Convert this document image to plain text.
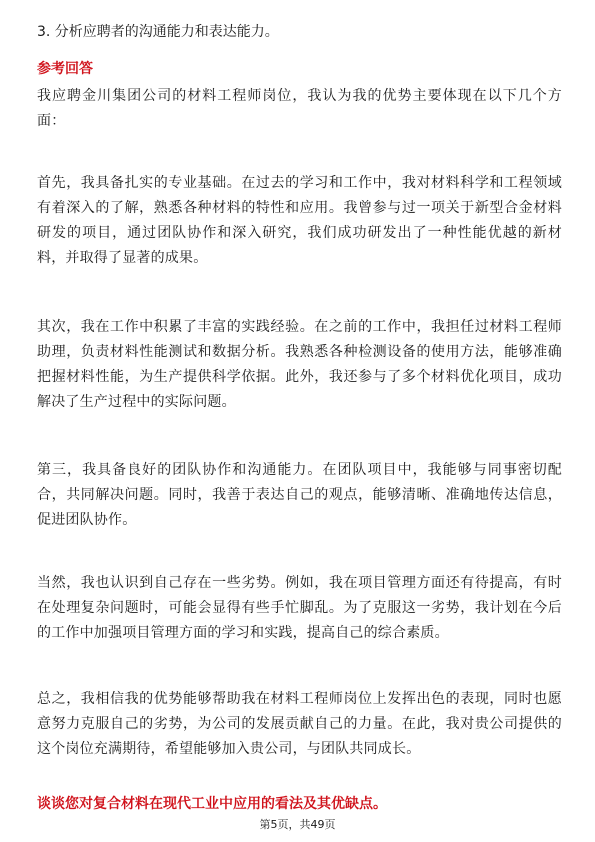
3. 分析应聘者的沟通能力和表达能力。

参考回答

我应聘金川集团公司的材料工程师岗位，我认为我的优势主要体现在以下几个方面：

首先，我具备扎实的专业基础。在过去的学习和工作中，我对材料科学和工程领域有着深入的了解，熟悉各种材料的特性和应用。我曾参与过一项关于新型合金材料研发的项目，通过团队协作和深入研究，我们成功研发出了一种性能优越的新材料，并取得了显著的成果。

其次，我在工作中积累了丰富的实践经验。在之前的工作中，我担任过材料工程师助理，负责材料性能测试和数据分析。我熟悉各种检测设备的使用方法，能够准确把握材料性能，为生产提供科学依据。此外，我还参与了多个材料优化项目，成功解决了生产过程中的实际问题。

第三，我具备良好的团队协作和沟通能力。在团队项目中，我能够与同事密切配合，共同解决问题。同时，我善于表达自己的观点，能够清晰、准确地传达信息，促进团队协作。

当然，我也认识到自己存在一些劣势。例如，我在项目管理方面还有待提高，有时在处理复杂问题时，可能会显得有些手忙脚乱。为了克服这一劣势，我计划在今后的工作中加强项目管理方面的学习和实践，提高自己的综合素质。

总之，我相信我的优势能够帮助我在材料工程师岗位上发挥出色的表现，同时也愿意努力克服自己的劣势，为公司的发展贡献自己的力量。在此，我对贵公司提供的这个岗位充满期待，希望能够加入贵公司，与团队共同成长。

谈谈您对复合材料在现代工业中应用的看法及其优缺点。

第5页，共49页
